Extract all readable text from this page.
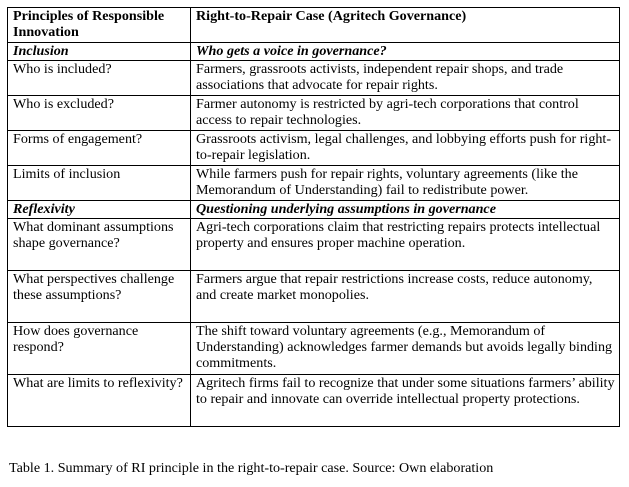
Principles of Responsible Innovation	Right-to-Repair Case (Agritech Governance)
Inclusion	Who gets a voice in governance?
Who is included?	Farmers, grassroots activists, independent repair shops, and trade associations that advocate for repair rights.
Who is excluded?	Farmer autonomy is restricted by agri-tech corporations that control access to repair technologies.
Forms of engagement?	Grassroots activism, legal challenges, and lobbying efforts push for right-to-repair legislation.
Limits of inclusion	While farmers push for repair rights, voluntary agreements (like the Memorandum of Understanding) fail to redistribute power.
Reflexivity	Questioning underlying assumptions in governance
What dominant assumptions shape governance?	Agri-tech corporations claim that restricting repairs protects intellectual property and ensures proper machine operation.
What perspectives challenge these assumptions?	Farmers argue that repair restrictions increase costs, reduce autonomy, and create market monopolies.
How does governance respond?	The shift toward voluntary agreements (e.g., Memorandum of Understanding) acknowledges farmer demands but avoids legally binding commitments.
What are limits to reflexivity?	Agritech firms fail to recognize that under some situations farmers’ ability to repair and innovate can override intellectual property protections.
Table 1. Summary of RI principle in the right-to-repair case. Source: Own elaboration
